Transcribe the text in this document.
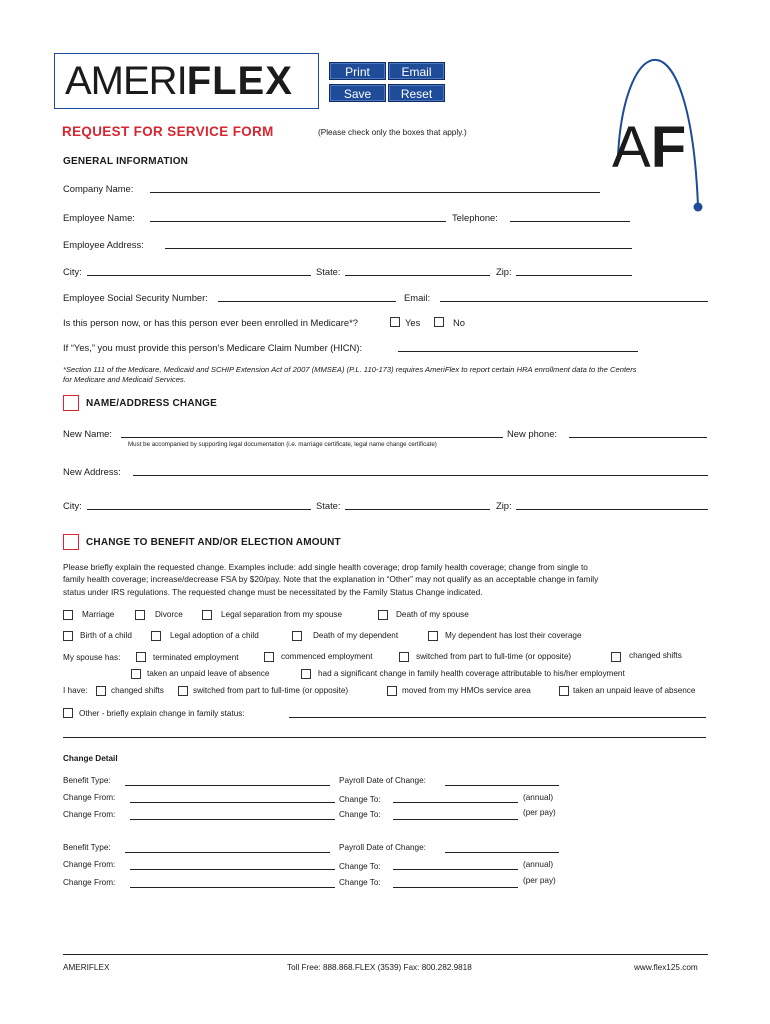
AMERIFLEX	Print	Email
Save	Reset
AF
REQUEST FOR SERVICE FORM	(Please check only the boxes that apply.)
GENERAL INFORMATION
Company Name:
Employee Name:	Telephone:
Employee Address:
City:	State:	Zip:
Employee Social Security Number:	Email:
Is this person now, or has this person ever been enrolled in Medicare*?	Yes	No
If “Yes,” you must provide this person’s Medicare Claim Number (HICN):
*Section 111 of the Medicare, Medicaid and SCHIP Extension Act of 2007 (MMSEA) (P.L. 110-173) requires AmeriFlex to report certain HRA enrollment data to the Centers
for Medicare and Medicaid Services.
NAME/ADDRESS CHANGE
New Name:	New phone:
Must be accompanied by supporting legal documentation (i.e. marriage certificate, legal name change certificate)
New Address:
City:	State:	Zip:
CHANGE TO BENEFIT AND/OR ELECTION AMOUNT
Please briefly explain the requested change. Examples include: add single health coverage; drop family health coverage; change from single to
family health coverage; increase/decrease FSA by $20/pay. Note that the explanation in “Other” may not qualify as an acceptable change in family
status under IRS regulations. The requested change must be necessitated by the Family Status Change indicated.
Marriage	Divorce	Legal separation from my spouse	Death of my spouse
Birth of a child	Legal adoption of a child	Death of my dependent	My dependent has lost their coverage
My spouse has:	terminated employment	commenced employment	switched from part to full-time (or opposite)	changed shifts
taken an unpaid leave of absence	had a significant change in family health coverage attributable to his/her employment
I have:	changed shifts	switched from part to full-time (or opposite)	moved from my HMOs service area	taken an unpaid leave of absence
Other - briefly explain change in family status:
Change Detail
Benefit Type:	Payroll Date of Change:
Change From:	Change To:	(annual)
Change From:	Change To:	(per pay)
Benefit Type:	Payroll Date of Change:
Change From:	Change To:	(annual)
Change From:	Change To:	(per pay)
AMERIFLEX	Toll Free: 888.868.FLEX (3539) Fax: 800.282.9818	www.flex125.com
